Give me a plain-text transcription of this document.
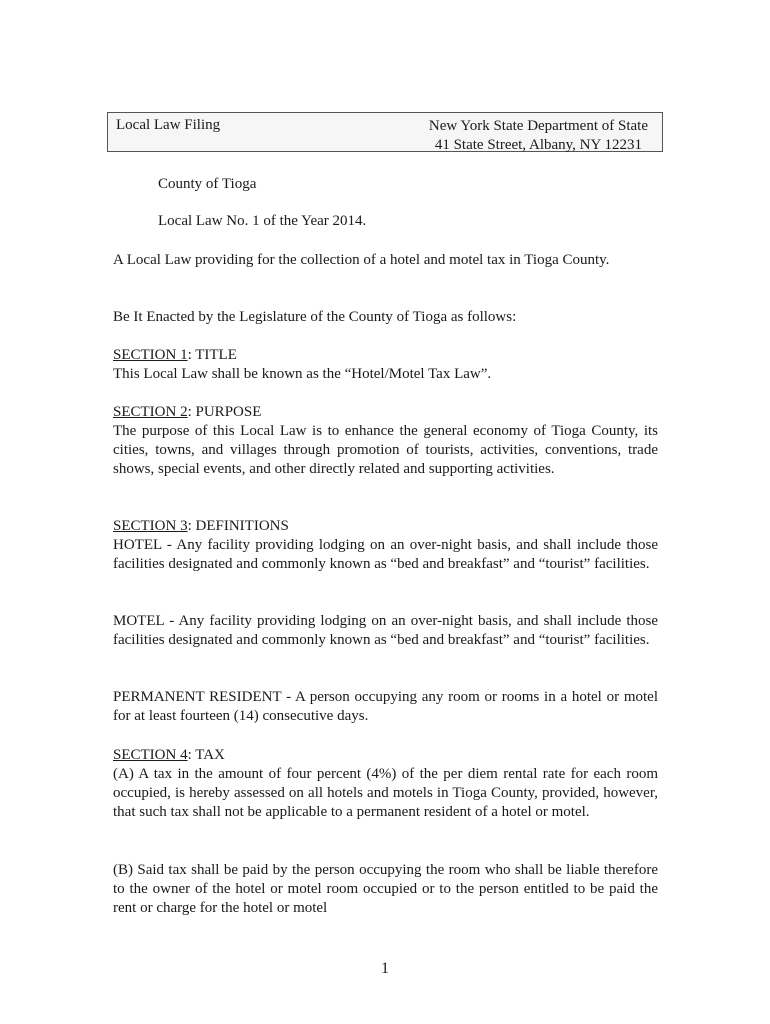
Local Law Filing	New York State Department of State
41 State Street, Albany, NY 12231
County of Tioga
Local Law No. 1 of the Year 2014.
A Local Law providing for the collection of a hotel and motel tax in Tioga County.
Be It Enacted by the Legislature of the County of Tioga as follows:

SECTION 1: TITLE

This Local Law shall be known as the “Hotel/Motel Tax Law”.

SECTION 2: PURPOSE

The purpose of this Local Law is to enhance the general economy of Tioga County, its cities, towns, and villages through promotion of tourists, activities, conventions, trade shows, special events, and other directly related and supporting activities.

SECTION 3: DEFINITIONS

HOTEL - Any facility providing lodging on an over-night basis, and shall include those facilities designated and commonly known as “bed and breakfast” and “tourist” facilities.

MOTEL - Any facility providing lodging on an over-night basis, and shall include those facilities designated and commonly known as “bed and breakfast” and “tourist” facilities.
PERMANENT RESIDENT - A person occupying any room or rooms in a hotel or motel for at least fourteen (14) consecutive days.

SECTION 4: TAX

(A) A tax in the amount of four percent (4%) of the per diem rental rate for each room occupied, is hereby assessed on all hotels and motels in Tioga County, provided, however, that such tax shall not be applicable to a permanent resident of a hotel or motel.

(B) Said tax shall be paid by the person occupying the room who shall be liable therefore to the owner of the hotel or motel room occupied or to the person entitled to be paid the rent or charge for the hotel or motel
1
